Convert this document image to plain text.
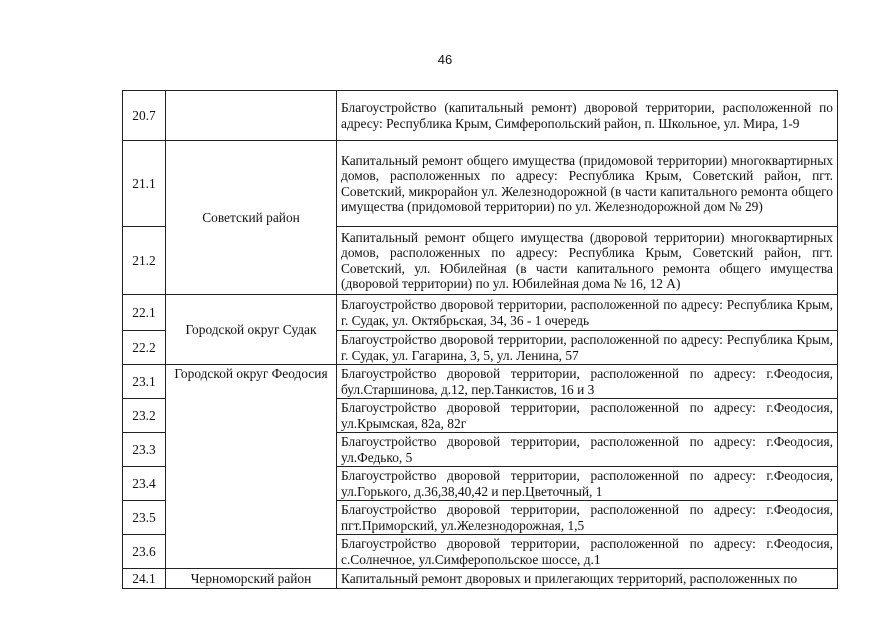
46
20.7		Благоустройство (капитальный ремонт) дворовой территории, расположенной по адресу: Республика Крым, Симферопольский район, п. Школьное, ул. Мира, 1-9
21.1	Советский район	Капитальный ремонт общего имущества (придомовой территории) многоквартирных домов, расположенных по адресу: Республика Крым, Советский район, пгт. Советский, микрорайон ул. Железнодорожной (в части капитального ремонта общего имущества (придомовой территории) по ул. Железнодорожной дом № 29)
21.2		Капитальный ремонт общего имущества (дворовой территории) многоквартирных домов, расположенных по адресу: Республика Крым, Советский район, пгт. Советский, ул. Юбилейная (в части капитального ремонта общего имущества (дворовой территории) по ул. Юбилейная дома № 16, 12 А)
22.1	Городской округ Судак	Благоустройство дворовой территории, расположенной по адресу: Республика Крым, г. Судак, ул. Октябрьская, 34, 36 - 1 очередь
22.2		Благоустройство дворовой территории, расположенной по адресу: Республика Крым, г. Судак, ул. Гагарина, 3, 5, ул. Ленина, 57
23.1	Городской округ Феодосия	Благоустройство дворовой территории, расположенной по адресу: г.Феодосия, бул.Старшинова, д.12, пер.Танкистов, 16 и 3
23.2		Благоустройство дворовой территории, расположенной по адресу: г.Феодосия, ул.Крымская, 82а, 82г
23.3		Благоустройство дворовой территории, расположенной по адресу: г.Феодосия, ул.Федько, 5
23.4		Благоустройство дворовой территории, расположенной по адресу: г.Феодосия, ул.Горького, д.36,38,40,42 и пер.Цветочный, 1
23.5		Благоустройство дворовой территории, расположенной по адресу: г.Феодосия, пгт.Приморский, ул.Железнодорожная, 1,5
23.6		Благоустройство дворовой территории, расположенной по адресу: г.Феодосия, с.Солнечное, ул.Симферопольское шоссе, д.1
24.1	Черноморский район	Капитальный ремонт дворовых и прилегающих территорий, расположенных по
